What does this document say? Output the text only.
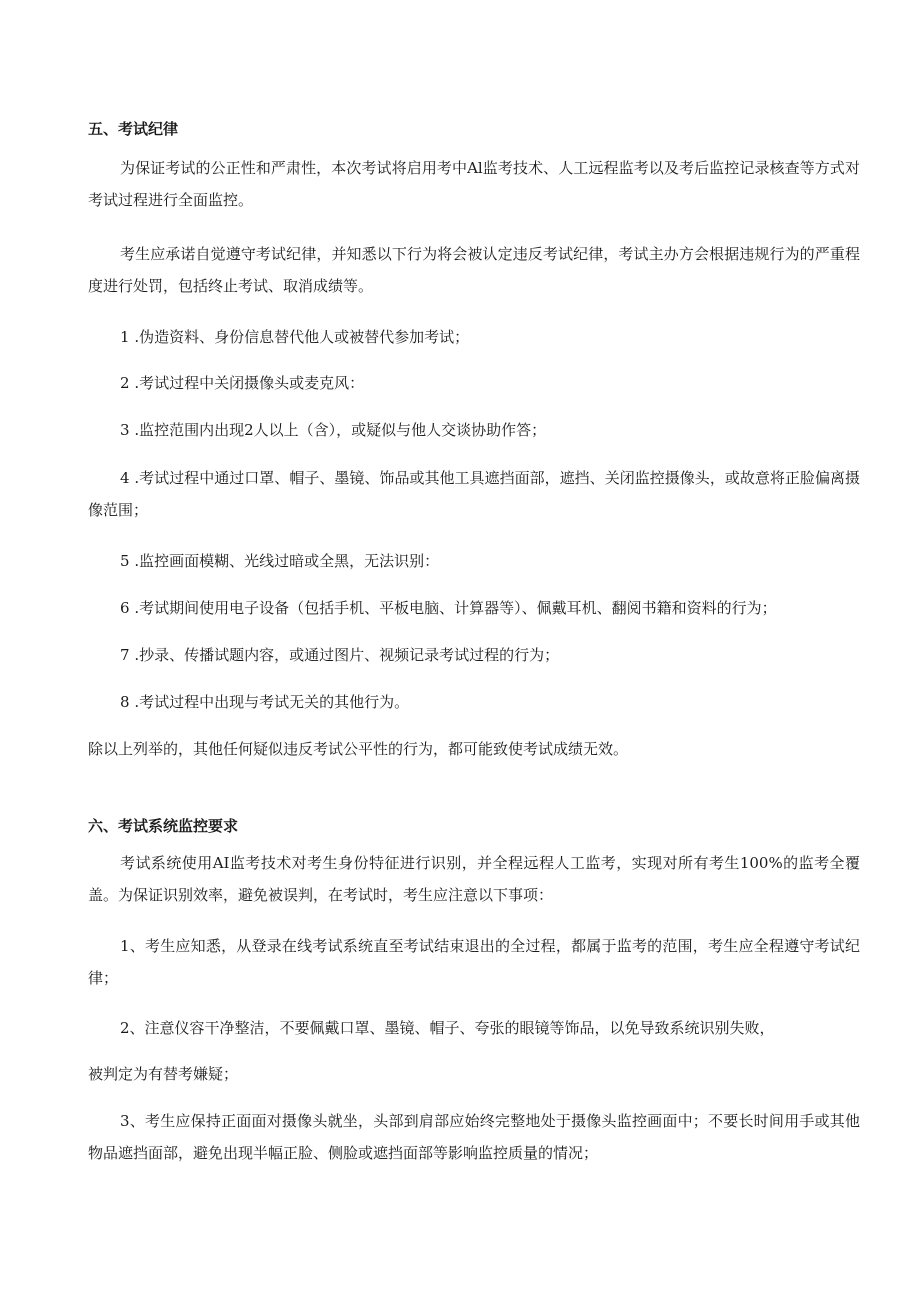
五、考试纪律

为保证考试的公正性和严肃性，本次考试将启用考中Al监考技术、人工远程监考以及考后监控记录核查等方式对考试过程进行全面监控。

考生应承诺自觉遵守考试纪律，并知悉以下行为将会被认定违反考试纪律，考试主办方会根据违规行为的严重程度进行处罚，包括终止考试、取消成绩等。

1 .伪造资料、身份信息替代他人或被替代参加考试；

2 .考试过程中关闭摄像头或麦克风：

3 .监控范围内出现2人以上（含），或疑似与他人交谈协助作答；

4 .考试过程中通过口罩、帽子、墨镜、饰品或其他工具遮挡面部，遮挡、关闭监控摄像头，或故意将正脸偏离摄像范围；

5 .监控画面模糊、光线过暗或全黑，无法识别：

6 .考试期间使用电子设备（包括手机、平板电脑、计算器等）、佩戴耳机、翻阅书籍和资料的行为；

7 .抄录、传播试题内容，或通过图片、视频记录考试过程的行为；

8 .考试过程中出现与考试无关的其他行为。

除以上列举的，其他任何疑似违反考试公平性的行为，都可能致使考试成绩无效。

六、考试系统监控要求

考试系统使用AI监考技术对考生身份特征进行识别，并全程远程人工监考，实现对所有考生100%的监考全覆盖。为保证识别效率，避免被误判，在考试时，考生应注意以下事项：

1、考生应知悉，从登录在线考试系统直至考试结束退出的全过程，都属于监考的范围，考生应全程遵守考试纪律；

2、注意仪容干净整洁，不要佩戴口罩、墨镜、帽子、夸张的眼镜等饰品，以免导致系统识别失败，

被判定为有替考嫌疑；

3、考生应保持正面面对摄像头就坐，头部到肩部应始终完整地处于摄像头监控画面中；不要长时间用手或其他物品遮挡面部，避免出现半幅正脸、侧脸或遮挡面部等影响监控质量的情况；
